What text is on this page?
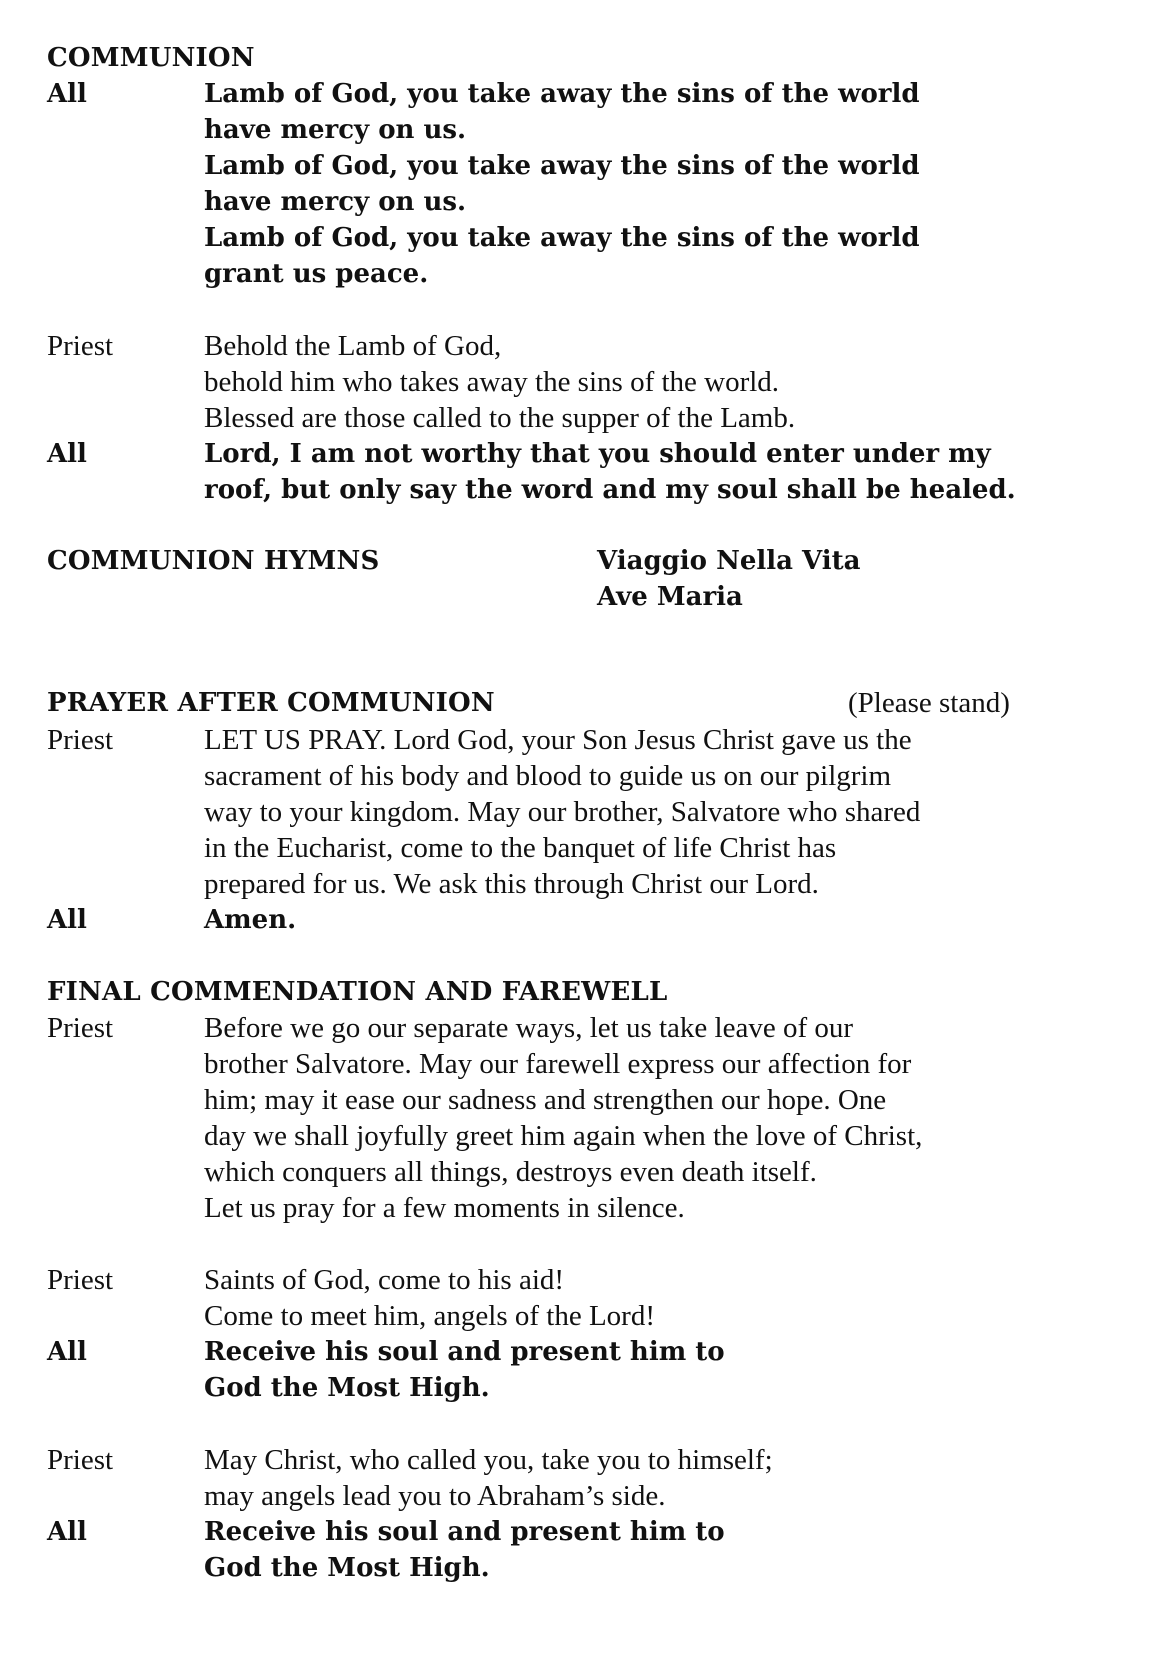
COMMUNION
All	Lamb of God, you take away the sins of the world
have mercy on us.
Lamb of God, you take away the sins of the world
have mercy on us.
Lamb of God, you take away the sins of the world
grant us peace.
Priest	Behold the Lamb of God,
behold him who takes away the sins of the world.
Blessed are those called to the supper of the Lamb.
All	Lord, I am not worthy that you should enter under my
roof, but only say the word and my soul shall be healed.
COMMUNION HYMNS	Viaggio Nella Vita
Ave Maria
PRAYER AFTER COMMUNION	(Please stand)
Priest	LET US PRAY. Lord God, your Son Jesus Christ gave us the
sacrament of his body and blood to guide us on our pilgrim
way to your kingdom. May our brother, Salvatore who shared
in the Eucharist, come to the banquet of life Christ has
prepared for us. We ask this through Christ our Lord.
All	Amen.
FINAL COMMENDATION AND FAREWELL
Priest	Before we go our separate ways, let us take leave of our
brother Salvatore. May our farewell express our affection for
him; may it ease our sadness and strengthen our hope. One
day we shall joyfully greet him again when the love of Christ,
which conquers all things, destroys even death itself.
Let us pray for a few moments in silence.
Priest	Saints of God, come to his aid!
Come to meet him, angels of the Lord!
All	Receive his soul and present him to
God the Most High.
Priest	May Christ, who called you, take you to himself;
may angels lead you to Abraham’s side.
All	Receive his soul and present him to
God the Most High.
